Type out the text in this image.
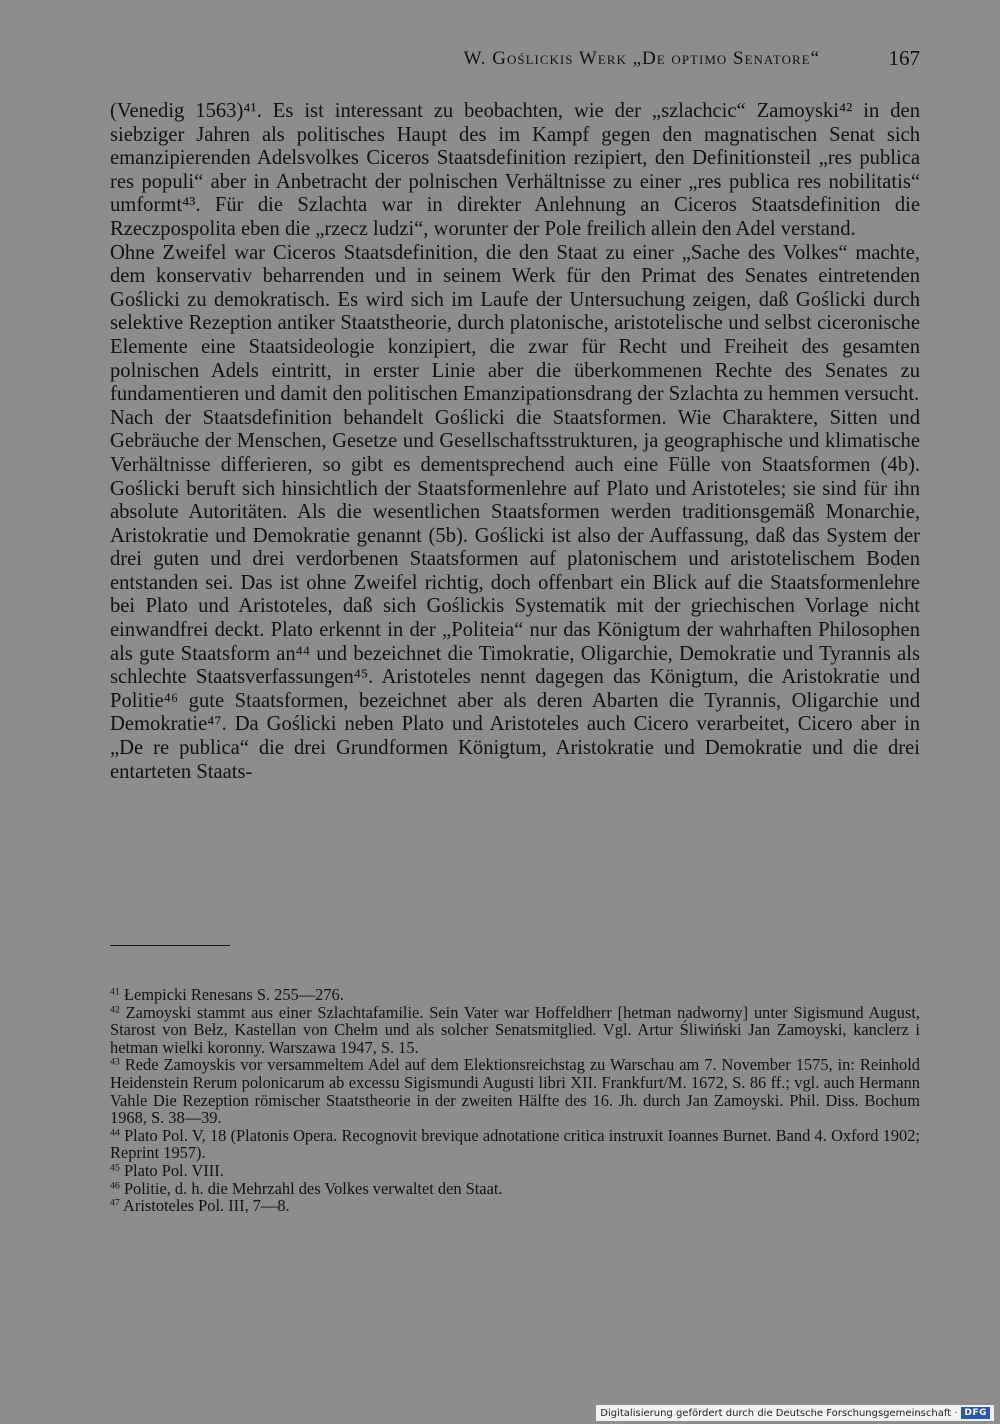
W. Goślickis Werk „De optimo Senatore“	167

(Venedig 1563)⁴¹. Es ist interessant zu beobachten, wie der „szlachcic“ Zamoyski⁴² in den siebziger Jahren als politisches Haupt des im Kampf gegen den magnatischen Senat sich emanzipierenden Adelsvolkes Ciceros Staatsdefinition rezipiert, den Definitionsteil „res publica res populi“ aber in Anbetracht der polnischen Verhältnisse zu einer „res publica res nobilitatis“ umformt⁴³. Für die Szlachta war in direkter Anlehnung an Ciceros Staatsdefinition die Rzeczpospolita eben die „rzecz ludzi“, worunter der Pole freilich allein den Adel verstand.

Ohne Zweifel war Ciceros Staatsdefinition, die den Staat zu einer „Sache des Volkes“ machte, dem konservativ beharrenden und in seinem Werk für den Primat des Senates eintretenden Goślicki zu demokratisch. Es wird sich im Laufe der Untersuchung zeigen, daß Goślicki durch selektive Rezeption antiker Staatstheorie, durch platonische, aristotelische und selbst ciceronische Elemente eine Staatsideologie konzipiert, die zwar für Recht und Freiheit des gesamten polnischen Adels eintritt, in erster Linie aber die überkommenen Rechte des Senates zu fundamentieren und damit den politischen Emanzipationsdrang der Szlachta zu hemmen versucht.

Nach der Staatsdefinition behandelt Goślicki die Staatsformen. Wie Charaktere, Sitten und Gebräuche der Menschen, Gesetze und Gesellschaftsstrukturen, ja geographische und klimatische Verhältnisse differieren, so gibt es dementsprechend auch eine Fülle von Staatsformen (4b). Goślicki beruft sich hinsichtlich der Staatsformenlehre auf Plato und Aristoteles; sie sind für ihn absolute Autoritäten. Als die wesentlichen Staatsformen werden traditionsgemäß Monarchie, Aristokratie und Demokratie genannt (5b). Goślicki ist also der Auffassung, daß das System der drei guten und drei verdorbenen Staatsformen auf platonischem und aristotelischem Boden entstanden sei. Das ist ohne Zweifel richtig, doch offenbart ein Blick auf die Staatsformenlehre bei Plato und Aristoteles, daß sich Goślickis Systematik mit der griechischen Vorlage nicht einwandfrei deckt. Plato erkennt in der „Politeia“ nur das Königtum der wahrhaften Philosophen als gute Staatsform an⁴⁴ und bezeichnet die Timokratie, Oligarchie, Demokratie und Tyrannis als schlechte Staatsverfassungen⁴⁵. Aristoteles nennt dagegen das Königtum, die Aristokratie und Politie⁴⁶ gute Staatsformen, bezeichnet aber als deren Abarten die Tyrannis, Oligarchie und Demokratie⁴⁷. Da Goślicki neben Plato und Aristoteles auch Cicero verarbeitet, Cicero aber in „De re publica“ die drei Grundformen Königtum, Aristokratie und Demokratie und die drei entarteten Staats-

$^{41}$ Łempicki Renesans S. 255—276.

$^{42}$ Zamoyski stammt aus einer Szlachtafamilie. Sein Vater war Hoffeldherr [hetman nadworny] unter Sigismund August, Starost von Bełz, Kastellan von Chełm und als solcher Senatsmitglied. Vgl. Artur Śliwiński Jan Zamoyski, kanclerz i hetman wielki koronny. Warszawa 1947, S. 15.

$^{43}$ Rede Zamoyskis vor versammeltem Adel auf dem Elektionsreichstag zu Warschau am 7. November 1575, in: Reinhold Heidenstein Rerum polonicarum ab excessu Sigismundi Augusti libri XII. Frankfurt/M. 1672, S. 86 ff.; vgl. auch Hermann Vahle Die Rezeption römischer Staatstheorie in der zweiten Hälfte des 16. Jh. durch Jan Zamoyski. Phil. Diss. Bochum 1968, S. 38—39.

$^{44}$ Plato Pol. V, 18 (Platonis Opera. Recognovit brevique adnotatione critica instruxit Ioannes Burnet. Band 4. Oxford 1902; Reprint 1957).

$^{45}$ Plato Pol. VIII.

$^{46}$ Politie, d. h. die Mehrzahl des Volkes verwaltet den Staat.

$^{47}$ Aristoteles Pol. III, 7—8.

Digitalisierung gefördert durch die Deutsche Forschungsgemeinschaft · DFG
